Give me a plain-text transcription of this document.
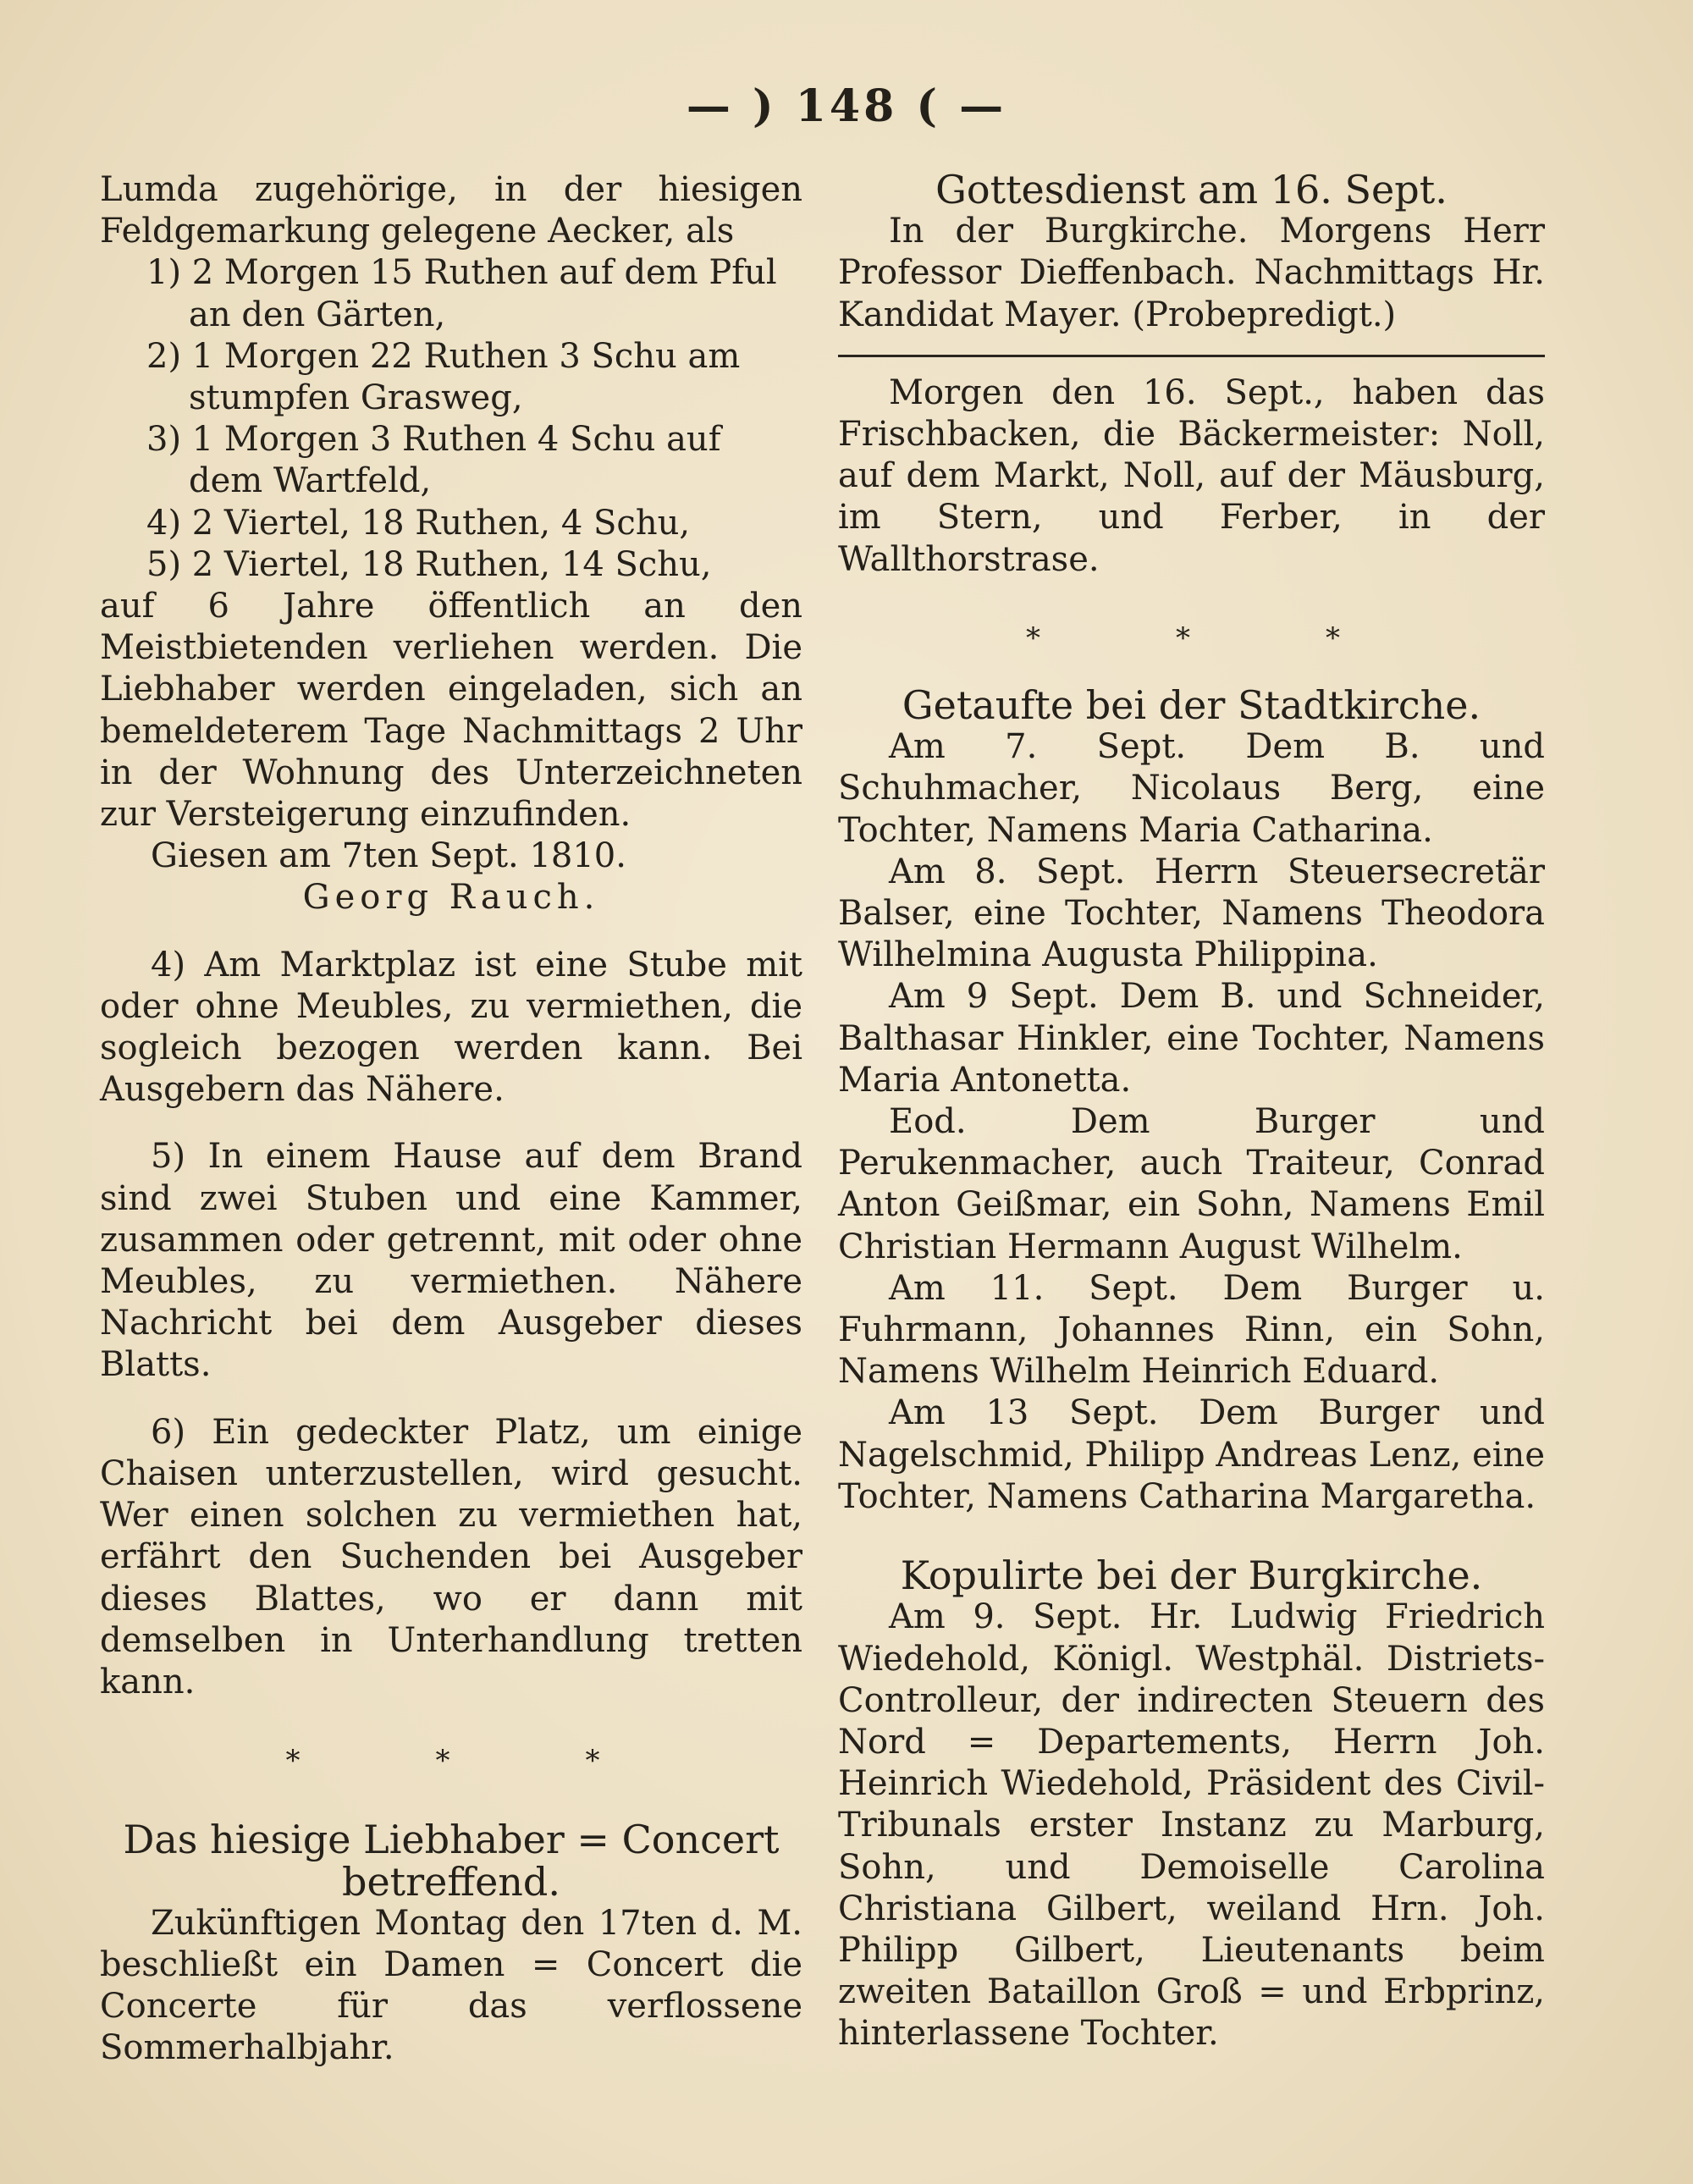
— ) 148 ( —

Lumda zugehörige, in der hiesigen Feldgemarkung gelegene Aecker, als

1) 2 Morgen 15 Ruthen auf dem Pful an den Gärten,

2) 1 Morgen 22 Ruthen 3 Schu am stumpfen Grasweg,

3) 1 Morgen 3 Ruthen 4 Schu auf dem Wartfeld,

4) 2 Viertel, 18 Ruthen, 4 Schu,

5) 2 Viertel, 18 Ruthen, 14 Schu,

auf 6 Jahre öffentlich an den Meistbietenden verliehen werden. Die Liebhaber werden eingeladen, sich an bemeldeterem Tage Nachmittags 2 Uhr in der Wohnung des Unterzeichneten zur Versteigerung einzufinden.

Giesen am 7ten Sept. 1810.

Georg Rauch.

4) Am Marktplaz ist eine Stube mit oder ohne Meubles, zu vermiethen, die sogleich bezogen werden kann. Bei Ausgebern das Nähere.

5) In einem Hause auf dem Brand sind zwei Stuben und eine Kammer, zusammen oder getrennt, mit oder ohne Meubles, zu vermiethen. Nähere Nachricht bei dem Ausgeber dieses Blatts.

6) Ein gedeckter Platz, um einige Chaisen unterzustellen, wird gesucht. Wer einen solchen zu vermiethen hat, erfährt den Suchenden bei Ausgeber dieses Blattes, wo er dann mit demselben in Unterhandlung tretten kann.

*	*	*

Das hiesige Liebhaber = Concert betreffend.

Zukünftigen Montag den 17ten d. M. beschließt ein Damen = Concert die Concerte für das verflossene Sommerhalbjahr.

Gottesdienst am 16. Sept.

In der Burgkirche. Morgens Herr Professor Dieffenbach. Nachmittags Hr. Kandidat Mayer. (Probepredigt.)

Morgen den 16. Sept., haben das Frischbacken, die Bäckermeister: Noll, auf dem Markt, Noll, auf der Mäusburg, im Stern, und Ferber, in der Wallthorstrase.

*	*	*

Getaufte bei der Stadtkirche.

Am 7. Sept. Dem B. und Schuhmacher, Nicolaus Berg, eine Tochter, Namens Maria Catharina.

Am 8. Sept. Herrn Steuersecretär Balser, eine Tochter, Namens Theodora Wilhelmina Augusta Philippina.

Am 9 Sept. Dem B. und Schneider, Balthasar Hinkler, eine Tochter, Namens Maria Antonetta.

Eod. Dem Burger und Perukenmacher, auch Traiteur, Conrad Anton Geißmar, ein Sohn, Namens Emil Christian Hermann August Wilhelm.

Am 11. Sept. Dem Burger u. Fuhrmann, Johannes Rinn, ein Sohn, Namens Wilhelm Heinrich Eduard.

Am 13 Sept. Dem Burger und Nagelschmid, Philipp Andreas Lenz, eine Tochter, Namens Catharina Margaretha.

Kopulirte bei der Burgkirche.

Am 9. Sept. Hr. Ludwig Friedrich Wiedehold, Königl. Westphäl. Distriets-Controlleur, der indirecten Steuern des Nord = Departements, Herrn Joh. Heinrich Wiedehold, Präsident des Civil-Tribunals erster Instanz zu Marburg, Sohn, und Demoiselle Carolina Christiana Gilbert, weiland Hrn. Joh. Philipp Gilbert, Lieutenants beim zweiten Bataillon Groß = und Erbprinz, hinterlassene Tochter.
